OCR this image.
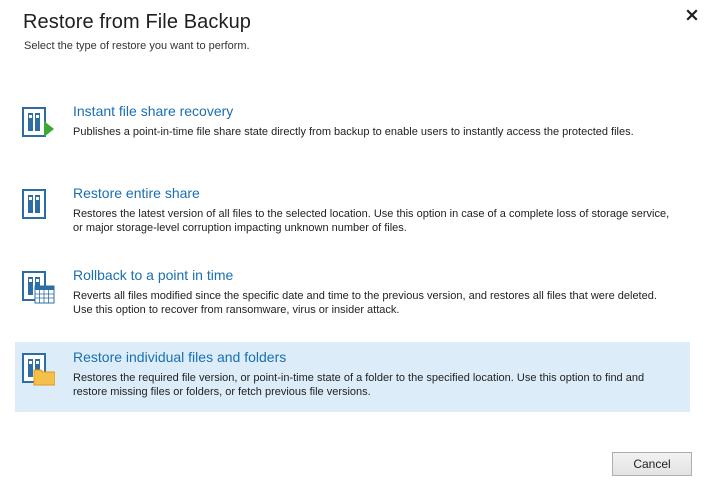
Restore from File Backup
Select the type of restore you want to perform.
Instant file share recovery
Publishes a point-in-time file share state directly from backup to enable users to instantly access the protected files.
Restore entire share
Restores the latest version of all files to the selected location. Use this option in case of a complete loss of storage service, or major storage-level corruption impacting unknown number of files.
Rollback to a point in time
Reverts all files modified since the specific date and time to the previous version, and restores all files that were deleted. Use this option to recover from ransomware, virus or insider attack.
Restore individual files and folders
Restores the required file version, or point-in-time state of a folder to the specified location. Use this option to find and restore missing files or folders, or fetch previous file versions.
Cancel
